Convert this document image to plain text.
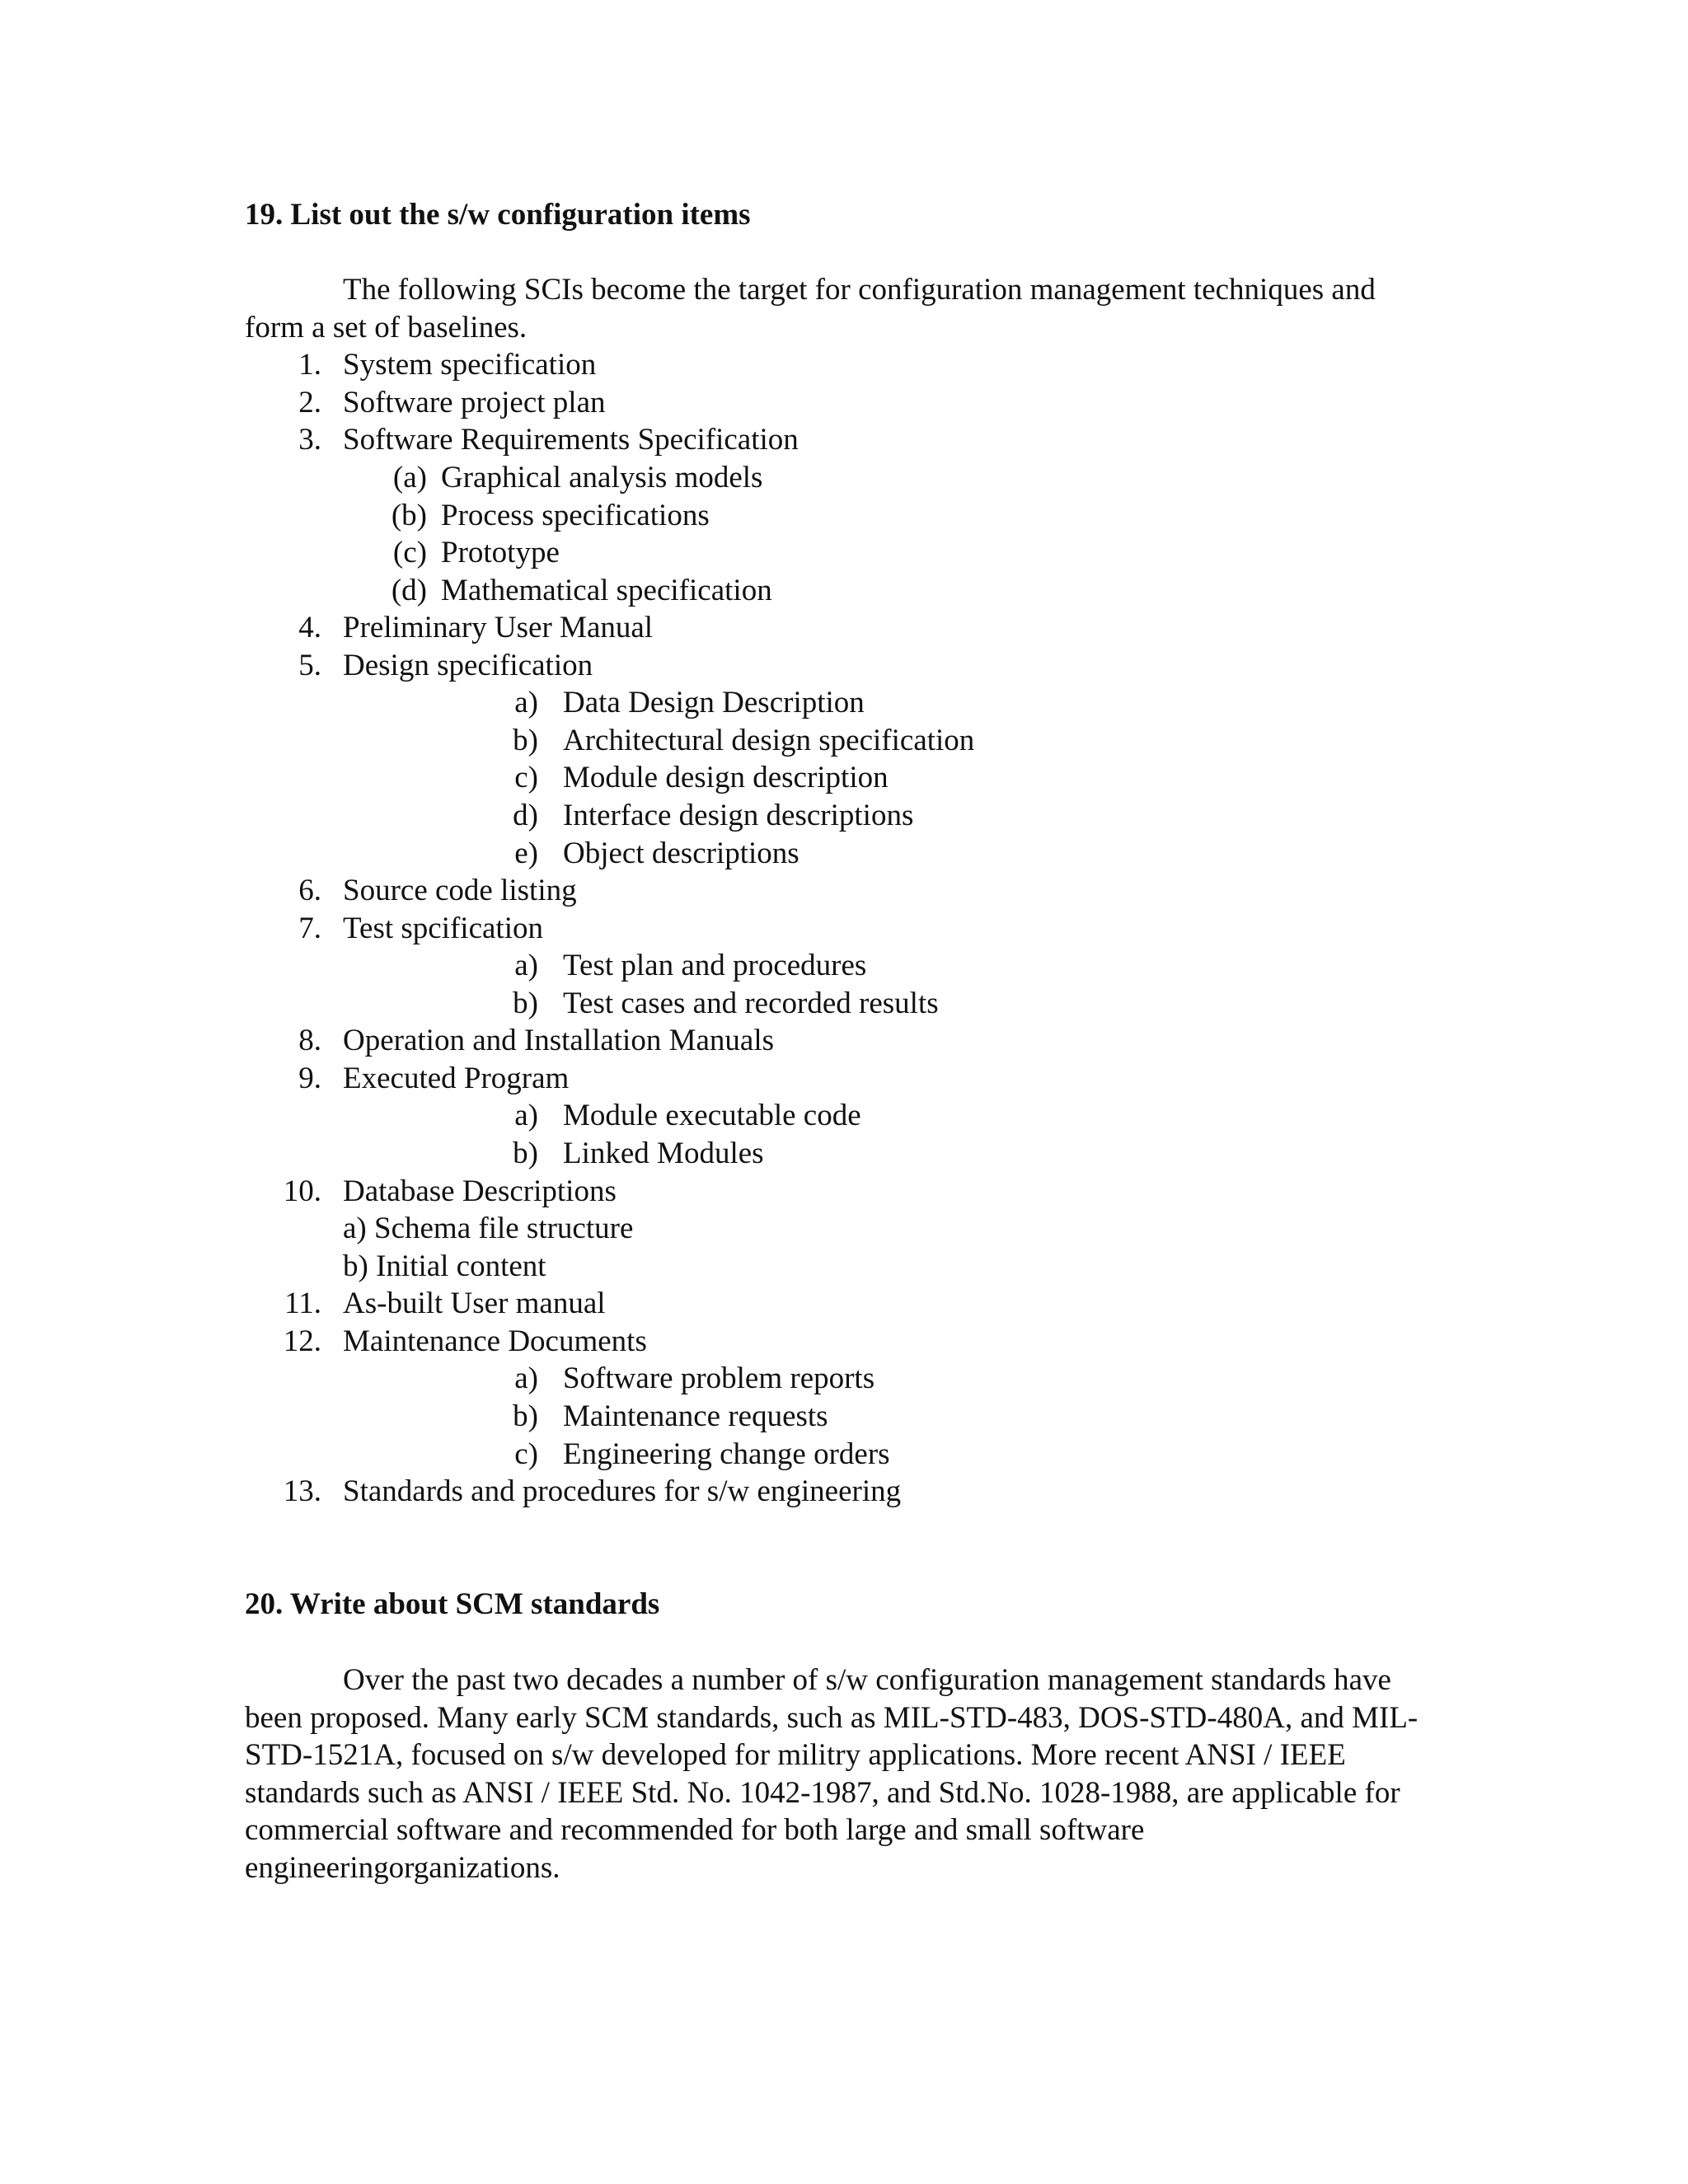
19. List out the s/w configuration items
The following SCIs become the target for configuration management techniques and form a set of baselines.
1. System specification
2. Software project plan
3. Software Requirements Specification
(a) Graphical analysis models
(b) Process specifications
(c) Prototype
(d) Mathematical specification
4. Preliminary User Manual
5. Design specification
a) Data Design Description
b) Architectural design specification
c) Module design description
d) Interface design descriptions
e) Object descriptions
6. Source code listing
7. Test spcification
a) Test plan and procedures
b) Test cases and recorded results
8. Operation and Installation Manuals
9. Executed Program
a) Module executable code
b) Linked Modules
10. Database Descriptions
a) Schema file structure
b) Initial content
11. As-built User manual
12. Maintenance Documents
a) Software problem reports
b) Maintenance requests
c) Engineering change orders
13. Standards and procedures for s/w engineering
20. Write about SCM standards
Over the past two decades a number of s/w configuration management standards have been proposed. Many early SCM standards, such as MIL-STD-483, DOS-STD-480A, and MIL-STD-1521A, focused on s/w developed for militry applications. More recent ANSI / IEEE standards such as ANSI / IEEE Std. No. 1042-1987, and Std.No. 1028-1988, are applicable for commercial software and recommended for both large and small software engineeringorganizations.
